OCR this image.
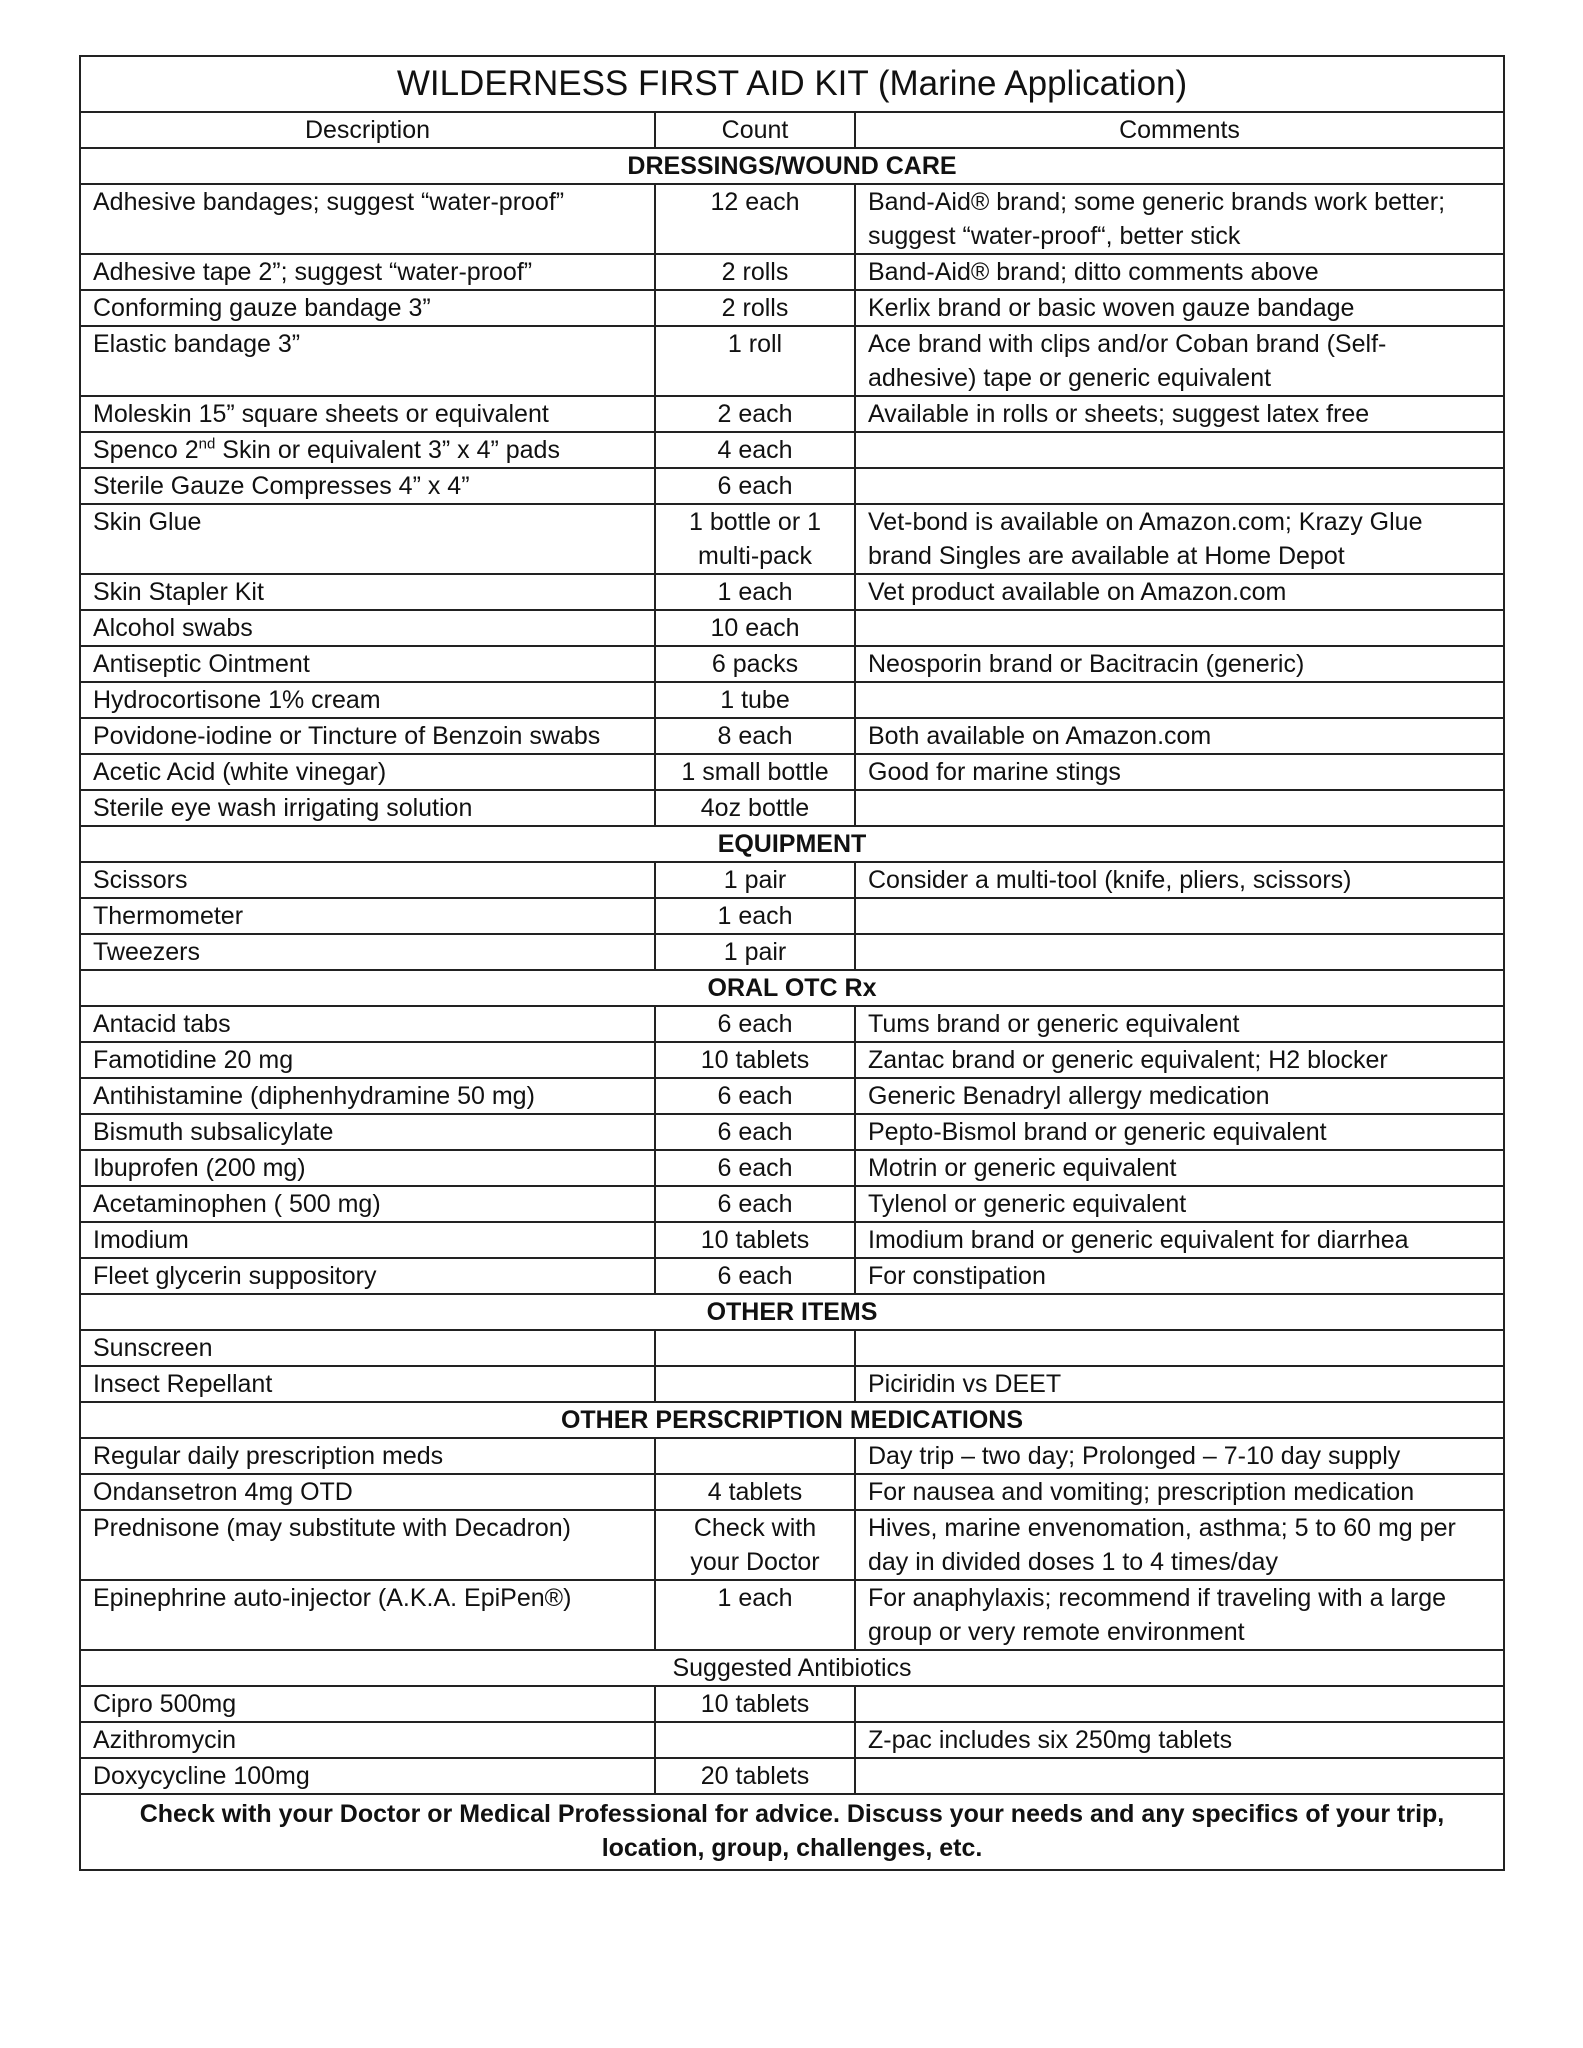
WILDERNESS FIRST AID KIT (Marine Application)		
Description	Count	Comments
DRESSINGS/WOUND CARE		
Adhesive bandages; suggest “water-proof”	12 each	Band-Aid® brand; some generic brands work better; suggest “water-proof“, better stick
Adhesive tape 2”; suggest “water-proof”	2 rolls	Band-Aid® brand; ditto comments above
Conforming gauze bandage 3”	2 rolls	Kerlix brand or basic woven gauze bandage
Elastic bandage 3”	1 roll	Ace brand with clips and/or Coban brand (Self-adhesive) tape or generic equivalent
Moleskin 15” square sheets or equivalent	2 each	Available in rolls or sheets; suggest latex free
Spenco 2nd Skin or equivalent 3” x 4” pads	4 each	
Sterile Gauze Compresses 4” x 4”	6 each	
Skin Glue	1 bottle or 1 multi-pack	Vet-bond is available on Amazon.com; Krazy Glue brand Singles are available at Home Depot
Skin Stapler Kit	1 each	Vet product available on Amazon.com
Alcohol swabs	10 each	
Antiseptic Ointment	6 packs	Neosporin brand or Bacitracin (generic)
Hydrocortisone 1% cream	1 tube	
Povidone-iodine or Tincture of Benzoin swabs	8 each	Both available on Amazon.com
Acetic Acid (white vinegar)	1 small bottle	Good for marine stings
Sterile eye wash irrigating solution	4oz bottle	
EQUIPMENT		
Scissors	1 pair	Consider a multi-tool (knife, pliers, scissors)
Thermometer	1 each	
Tweezers	1 pair	
ORAL OTC Rx		
Antacid tabs	6 each	Tums brand or generic equivalent
Famotidine 20 mg	10 tablets	Zantac brand or generic equivalent; H2 blocker
Antihistamine (diphenhydramine 50 mg)	6 each	Generic Benadryl allergy medication
Bismuth subsalicylate	6 each	Pepto-Bismol brand or generic equivalent
Ibuprofen (200 mg)	6 each	Motrin or generic equivalent
Acetaminophen ( 500 mg)	6 each	Tylenol or generic equivalent
Imodium	10 tablets	Imodium brand or generic equivalent for diarrhea
Fleet glycerin suppository	6 each	For constipation
OTHER ITEMS		
Sunscreen		
Insect Repellant		Piciridin vs DEET
OTHER PERSCRIPTION MEDICATIONS		
Regular daily prescription meds		Day trip – two day; Prolonged – 7-10 day supply
Ondansetron 4mg OTD	4 tablets	For nausea and vomiting; prescription medication
Prednisone (may substitute with Decadron)	Check with your Doctor	Hives, marine envenomation, asthma; 5 to 60 mg per day in divided doses 1 to 4 times/day
Epinephrine auto-injector (A.K.A. EpiPen®)	1 each	For anaphylaxis; recommend if traveling with a large group or very remote environment
Suggested Antibiotics		
Cipro 500mg	10 tablets	
Azithromycin		Z-pac includes six 250mg tablets
Doxycycline 100mg	20 tablets	
Check with your Doctor or Medical Professional for advice. Discuss your needs and any specifics of your trip, location, group, challenges, etc.		
